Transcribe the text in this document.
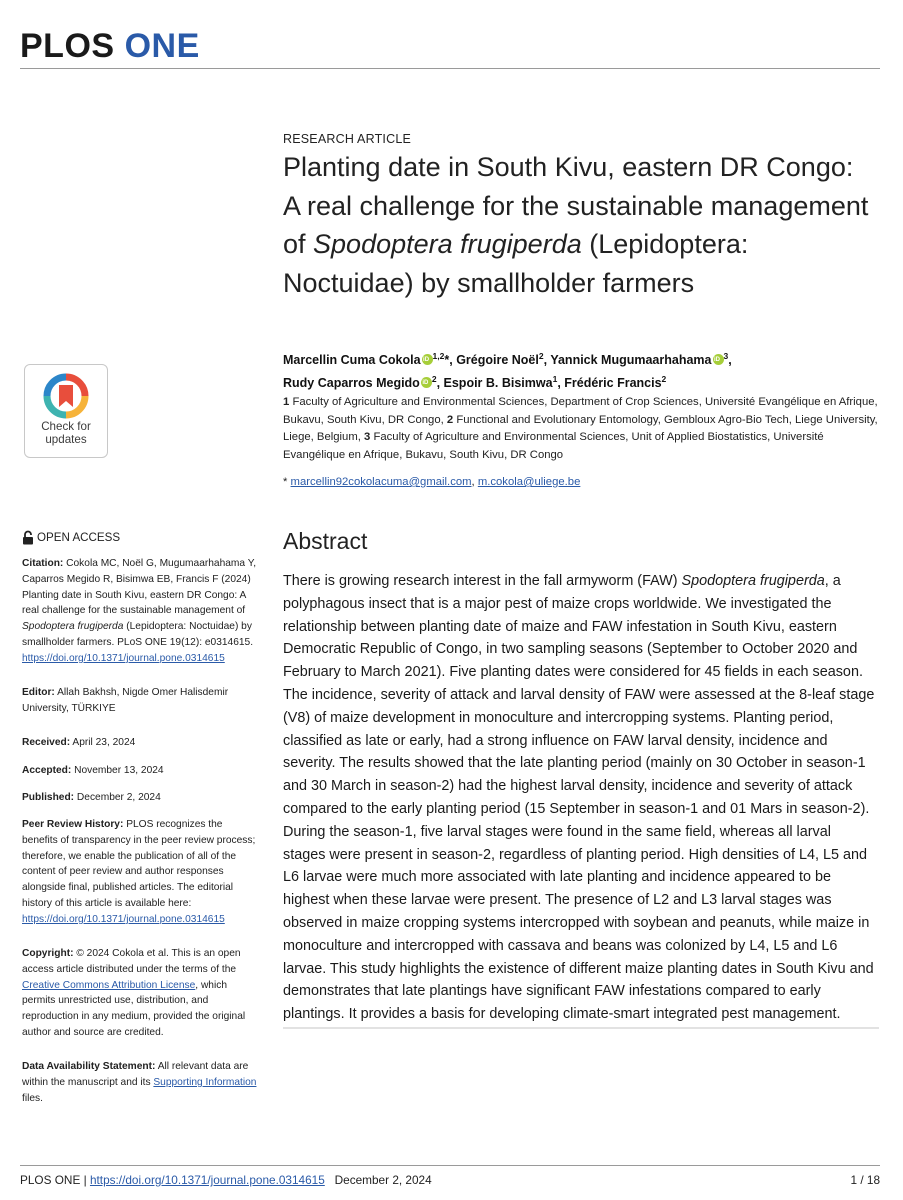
PLOS ONE
Check for
updates
RESEARCH ARTICLE
Planting date in South Kivu, eastern DR Congo: A real challenge for the sustainable management of Spodoptera frugiperda (Lepidoptera: Noctuidae) by smallholder farmers
Marcellin Cuma Cokola iD $^{1,2}$*, Grégoire Noël$^2$, Yannick Mugumaarhahama iD $^3$,
Rudy Caparros Megido iD $^2$, Espoir B. Bisimwa$^1$, Frédéric Francis$^2$
1 Faculty of Agriculture and Environmental Sciences, Department of Crop Sciences, Université Evangélique en Afrique, Bukavu, South Kivu, DR Congo, 2 Functional and Evolutionary Entomology, Gembloux Agro-Bio Tech, Liege University, Liege, Belgium, 3 Faculty of Agriculture and Environmental Sciences, Unit of Applied Biostatistics, Université Evangélique en Afrique, Bukavu, South Kivu, DR Congo
* marcellin92cokolacuma@gmail.com, m.cokola@uliege.be
Abstract
There is growing research interest in the fall armyworm (FAW) Spodoptera frugiperda, a polyphagous insect that is a major pest of maize crops worldwide. We investigated the relationship between planting date of maize and FAW infestation in South Kivu, eastern Democratic Republic of Congo, in two sampling seasons (September to October 2020 and February to March 2021). Five planting dates were considered for 45 fields in each season. The incidence, severity of attack and larval density of FAW were assessed at the 8-leaf stage (V8) of maize development in monoculture and intercropping systems. Planting period, classified as late or early, had a strong influence on FAW larval density, incidence and severity. The results showed that the late planting period (mainly on 30 October in season-1 and 30 March in season-2) had the highest larval density, incidence and severity of attack compared to the early planting period (15 September in season-1 and 01 Mars in season-2). During the season-1, five larval stages were found in the same field, whereas all larval stages were present in season-2, regardless of planting period. High densities of L4, L5 and L6 larvae were much more associated with late planting and incidence appeared to be highest when these larvae were present. The presence of L2 and L3 larval stages was observed in maize cropping systems intercropped with soybean and peanuts, while maize in monoculture and intercropped with cassava and beans was colonized by L4, L5 and L6 larvae. This study highlights the existence of different maize planting dates in South Kivu and demonstrates that late plantings have significant FAW infestations compared to early plantings. It provides a basis for developing climate-smart integrated pest management.
OPEN ACCESS
Citation: Cokola MC, Noël G, Mugumaarhahama Y, Caparros Megido R, Bisimwa EB, Francis F (2024) Planting date in South Kivu, eastern DR Congo: A real challenge for the sustainable management of Spodoptera frugiperda (Lepidoptera: Noctuidae) by smallholder farmers. PLoS ONE 19(12): e0314615. https://doi.org/10.1371/journal.pone.0314615
Editor: Allah Bakhsh, Nigde Omer Halisdemir University, TÜRKIYE
Received: April 23, 2024
Accepted: November 13, 2024
Published: December 2, 2024
Peer Review History: PLOS recognizes the benefits of transparency in the peer review process; therefore, we enable the publication of all of the content of peer review and author responses alongside final, published articles. The editorial history of this article is available here: https://doi.org/10.1371/journal.pone.0314615
Copyright: © 2024 Cokola et al. This is an open access article distributed under the terms of the Creative Commons Attribution License, which permits unrestricted use, distribution, and reproduction in any medium, provided the original author and source are credited.
Data Availability Statement: All relevant data are within the manuscript and its Supporting Information files.
PLOS ONE | https://doi.org/10.1371/journal.pone.0314615 December 2, 2024	1 / 18
